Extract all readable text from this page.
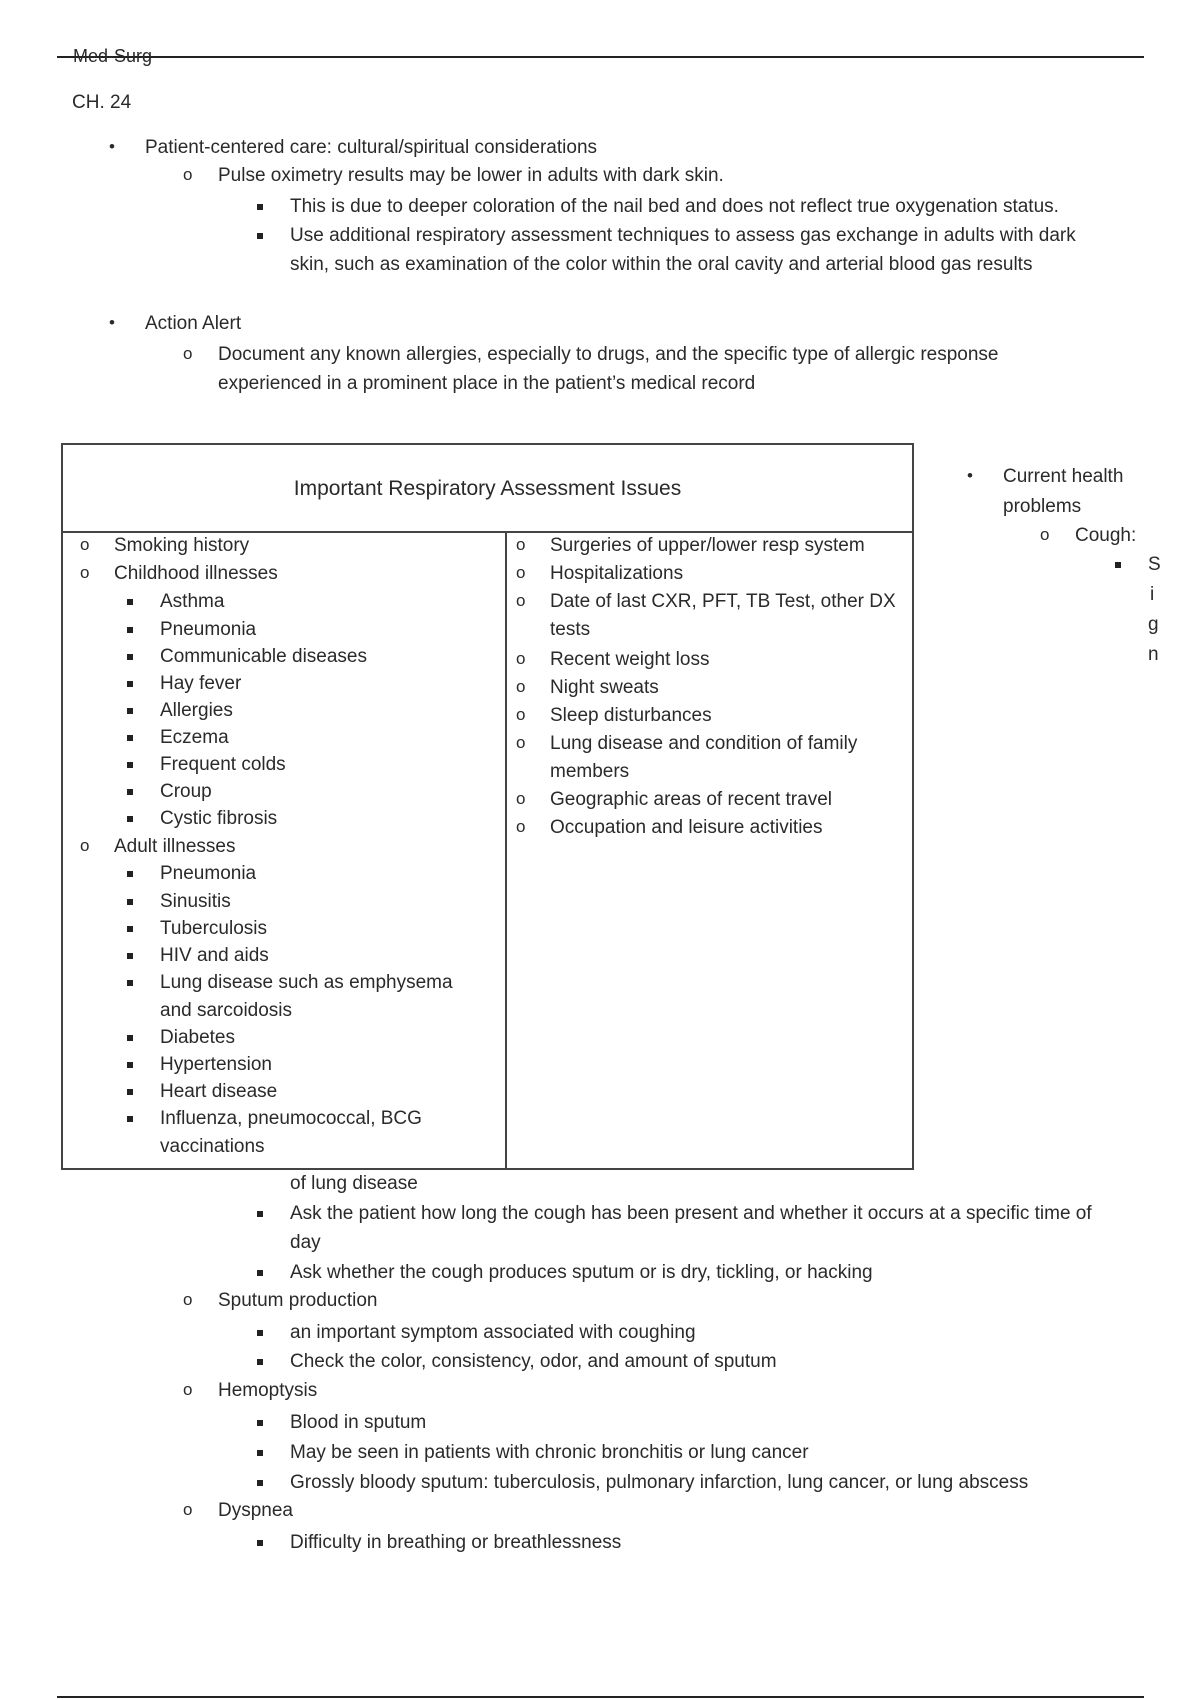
Med-Surg
CH. 24
• Patient-centered care: cultural/spiritual considerations
o Pulse oximetry results may be lower in adults with dark skin.
This is due to deeper coloration of the nail bed and does not reflect true oxygenation status.
Use additional respiratory assessment techniques to assess gas exchange in adults with dark
skin, such as examination of the color within the oral cavity and arterial blood gas results
• Action Alert
o Document any known allergies, especially to drugs, and the specific type of allergic response
experienced in a prominent place in the patient’s medical record
Important Respiratory Assessment Issues
o Smoking history
o Childhood illnesses
Asthma
Pneumonia
Communicable diseases
Hay fever
Allergies
Eczema
Frequent colds
Croup
Cystic fibrosis
o Adult illnesses
Pneumonia
Sinusitis
Tuberculosis
HIV and aids
Lung disease such as emphysema
and sarcoidosis
Diabetes
Hypertension
Heart disease
Influenza, pneumococcal, BCG
vaccinations
o Surgeries of upper/lower resp system
o Hospitalizations
o Date of last CXR, PFT, TB Test, other DX
tests
o Recent weight loss
o Night sweats
o Sleep disturbances
o Lung disease and condition of family
members
o Geographic areas of recent travel
o Occupation and leisure activities
• Current health
problems
o Cough:
S
i
g
n
of lung disease
Ask the patient how long the cough has been present and whether it occurs at a specific time of
day
Ask whether the cough produces sputum or is dry, tickling, or hacking
o Sputum production
an important symptom associated with coughing
Check the color, consistency, odor, and amount of sputum
o Hemoptysis
Blood in sputum
May be seen in patients with chronic bronchitis or lung cancer
Grossly bloody sputum: tuberculosis, pulmonary infarction, lung cancer, or lung abscess
o Dyspnea
Difficulty in breathing or breathlessness
